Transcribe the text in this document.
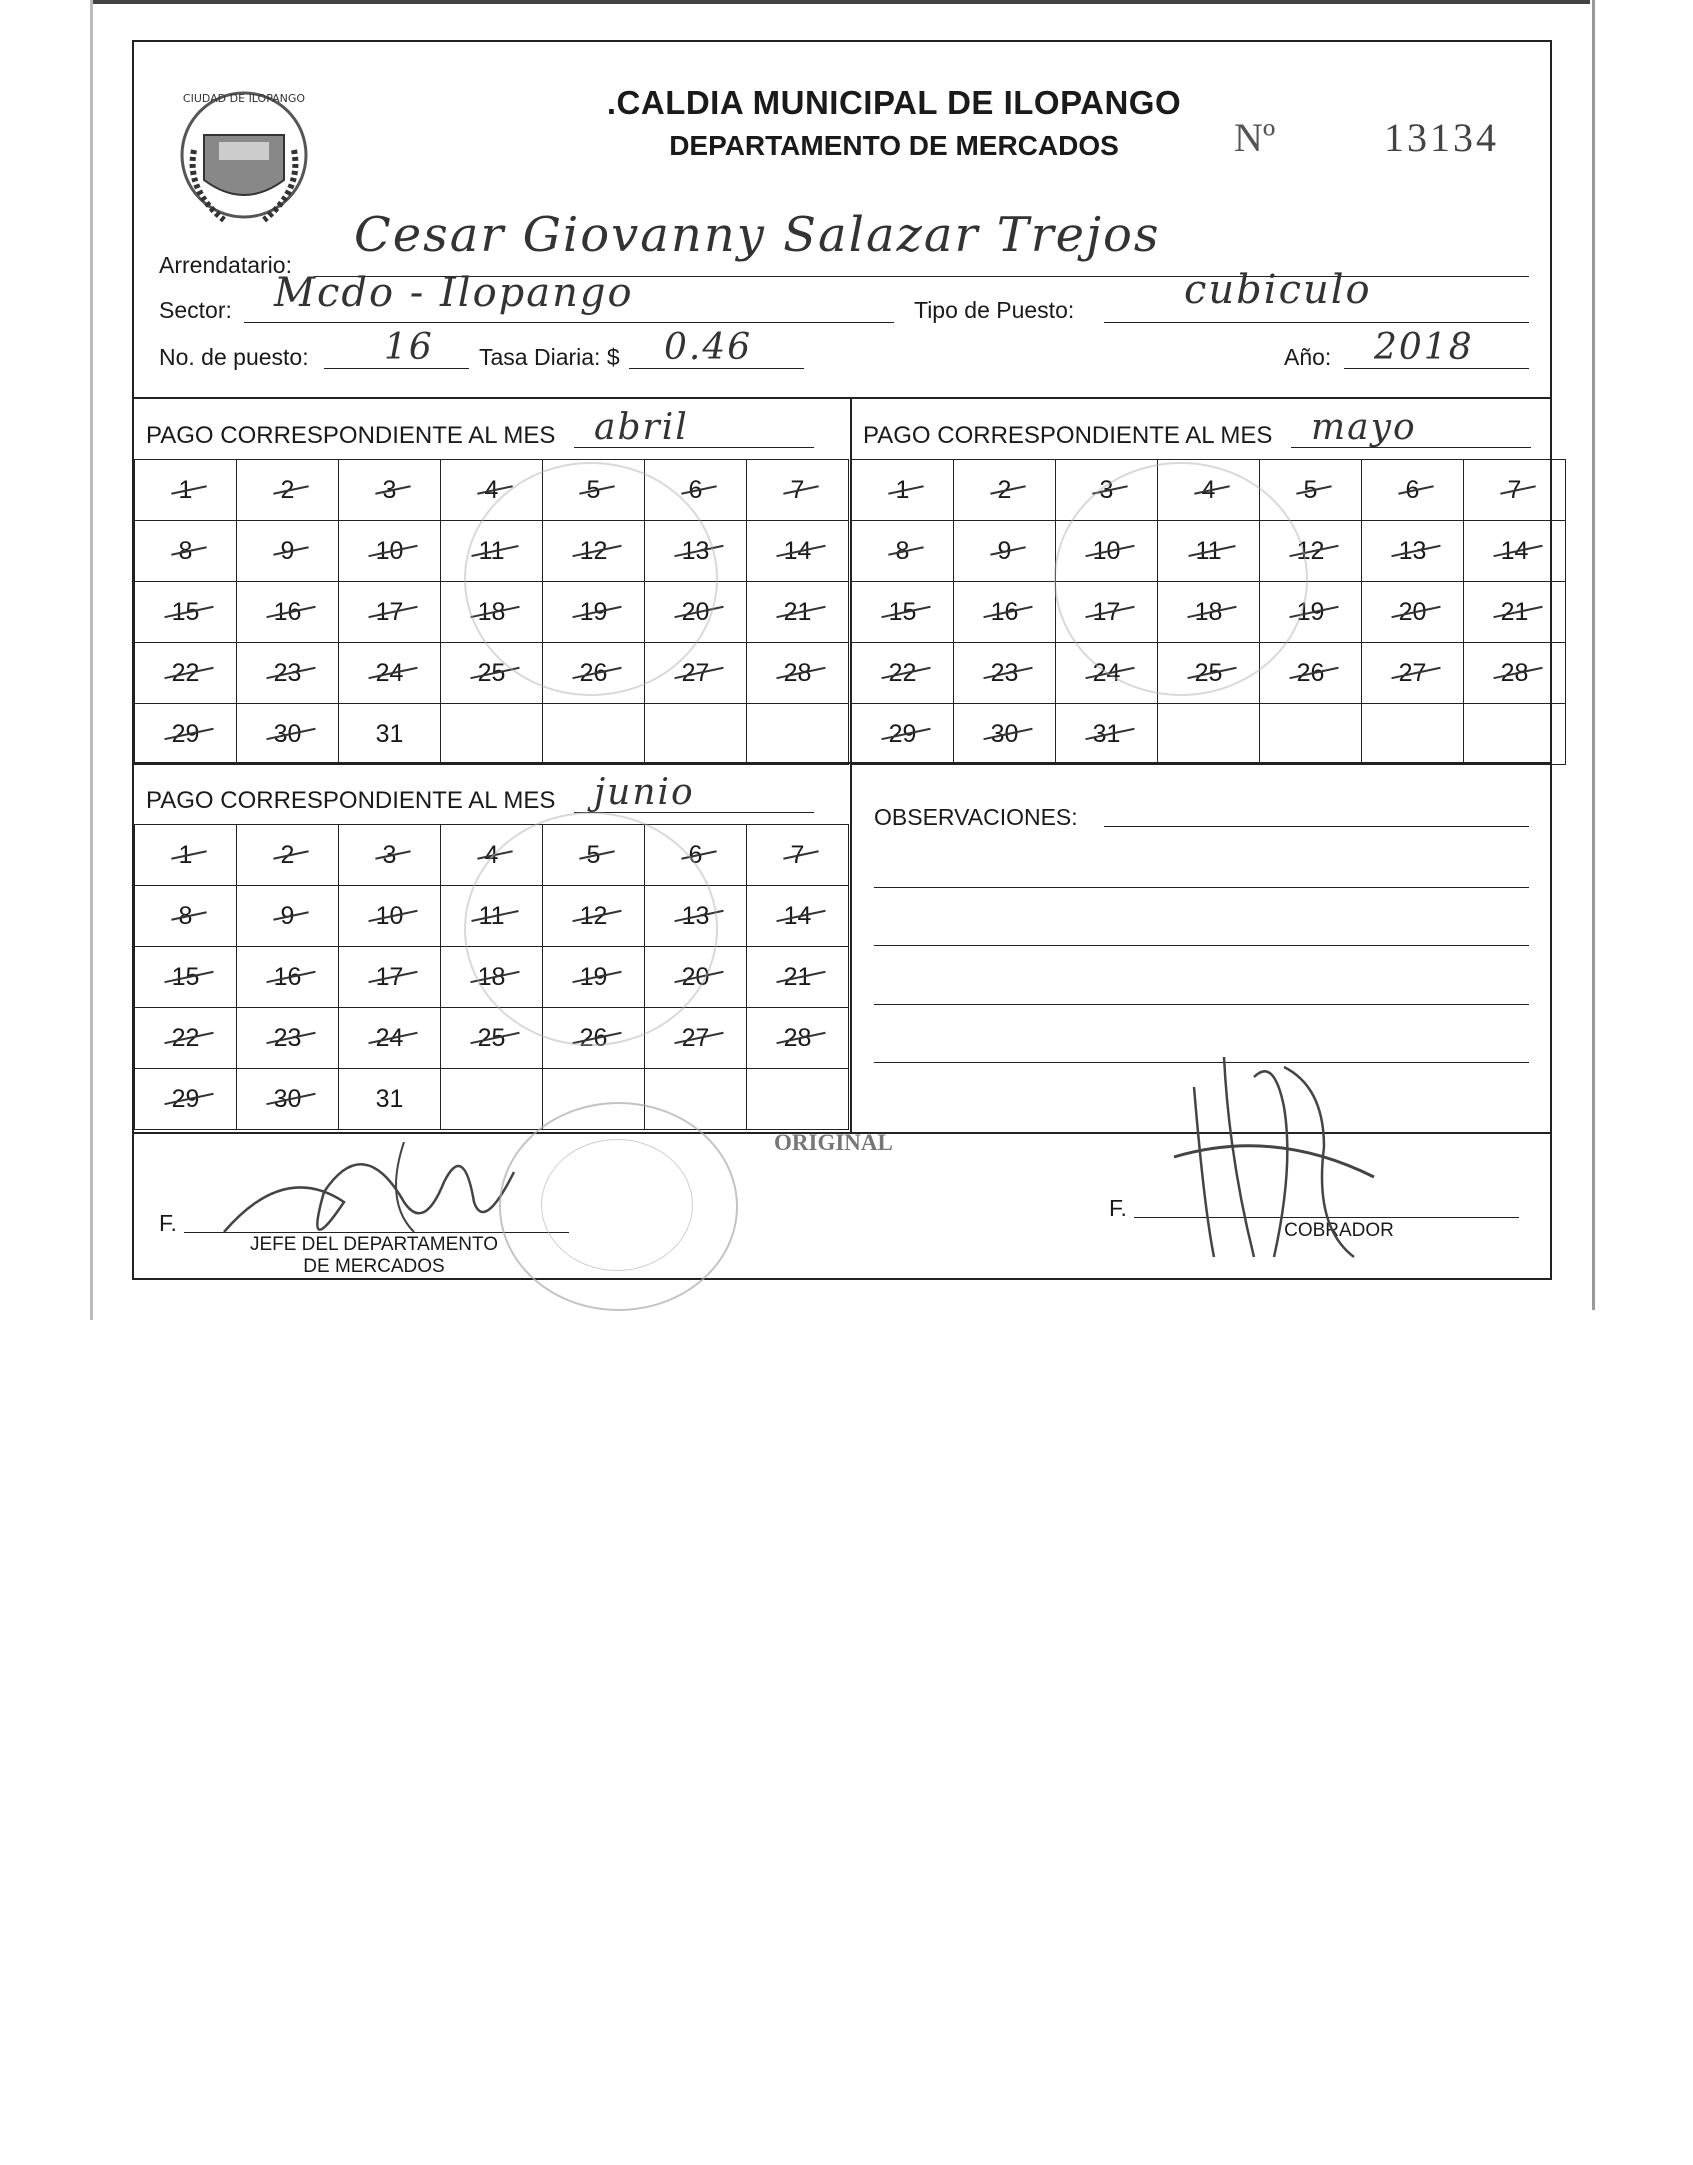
CIUDAD DE ILOPANGO	.CALDIA MUNICIPAL DE ILOPANGO
DEPARTAMENTO DE MERCADOS	Nº	13134
Arrendatario:
Cesar Giovanny Salazar Trejos
Sector: Mcdo - Ilopango	Tipo de Puesto:	cubiculo
No. de puesto: 16 Tasa Diaria: $ 0.46	Año: 2018
PAGO CORRESPONDIENTE AL MES abril
1	2	3	4	5	6	7
8	9	10	11	12	13	14
15	16	17	18	19	20	21
22	23	24	25	26	27	28
29	30	31
PAGO CORRESPONDIENTE AL MES mayo
1	2	3	4	5	6	7
8	9	10	11	12	13	14
15	16	17	18	19	20	21
22	23	24	25	26	27	28
29	30	31
PAGO CORRESPONDIENTE AL MES junio
1	2	3	4	5	6	7
8	9	10	11	12	13	14
15	16	17	18	19	20	21
22	23	24	25	26	27	28
29	30	31
OBSERVACIONES:
ORIGINAL
F.
JEFE DEL DEPARTAMENTO
DE MERCADOS
F.
COBRADOR
